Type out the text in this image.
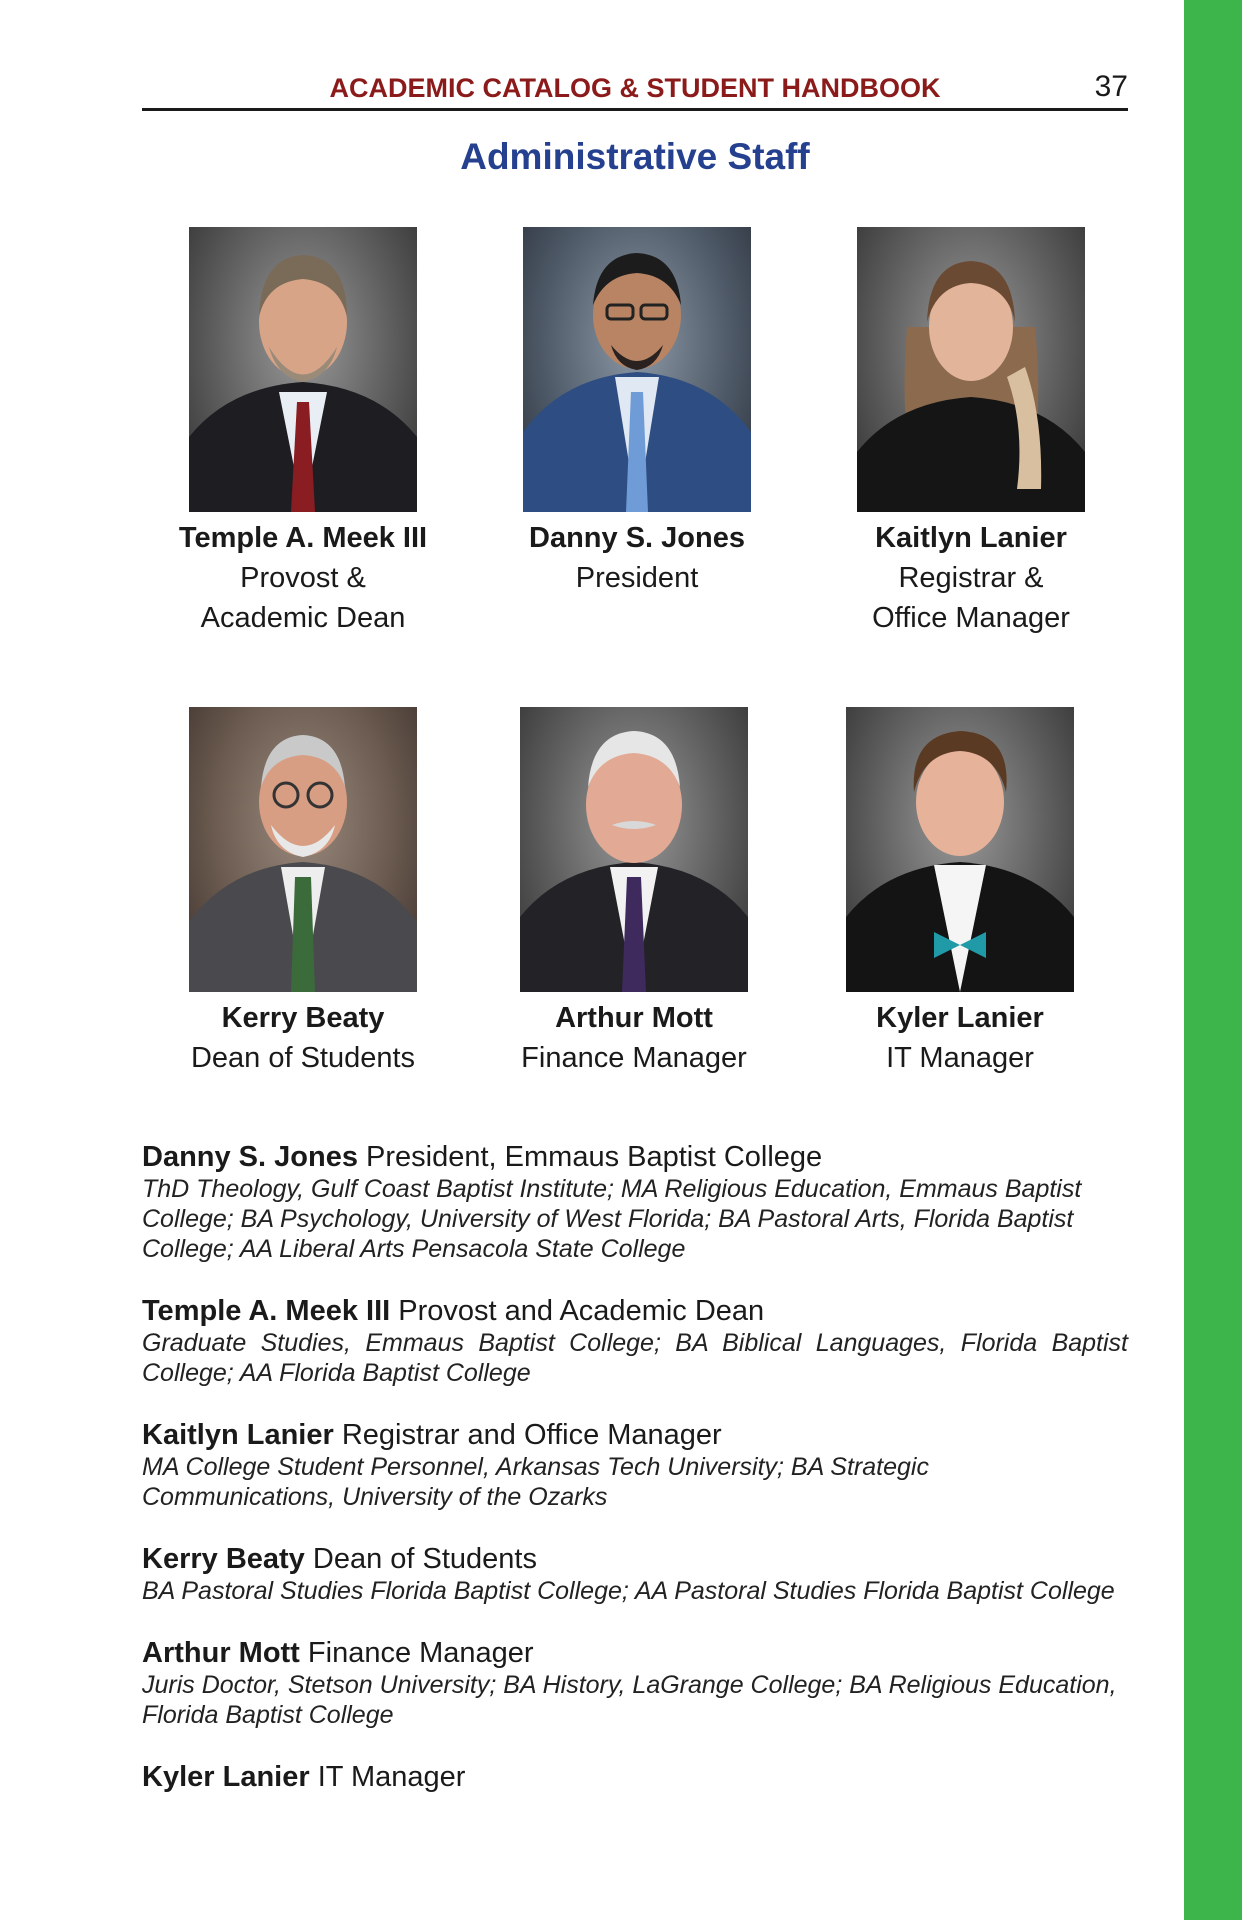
ACADEMIC CATALOG & STUDENT HANDBOOK	37
Administrative Staff
Temple A. Meek III
Provost &
Academic Dean
Danny S. Jones
President
Kaitlyn Lanier
Registrar &
Office Manager
Kerry Beaty
Dean of Students
Arthur Mott
Finance Manager
Kyler Lanier
IT Manager
Danny S. Jones President, Emmaus Baptist College
ThD Theology, Gulf Coast Baptist Institute; MA Religious Education, Emmaus Baptist College; BA Psychology, University of West Florida; BA Pastoral Arts, Florida Baptist College; AA Liberal Arts Pensacola State College
Temple A. Meek III Provost and Academic Dean
Graduate Studies, Emmaus Baptist College; BA Biblical Languages, Florida Baptist College; AA Florida Baptist College
Kaitlyn Lanier Registrar and Office Manager
MA College Student Personnel, Arkansas Tech University; BA Strategic Communications, University of the Ozarks
Kerry Beaty Dean of Students
BA Pastoral Studies Florida Baptist College; AA Pastoral Studies Florida Baptist College
Arthur Mott Finance Manager
Juris Doctor, Stetson University; BA History, LaGrange College; BA Religious Education, Florida Baptist College
Kyler Lanier IT Manager
